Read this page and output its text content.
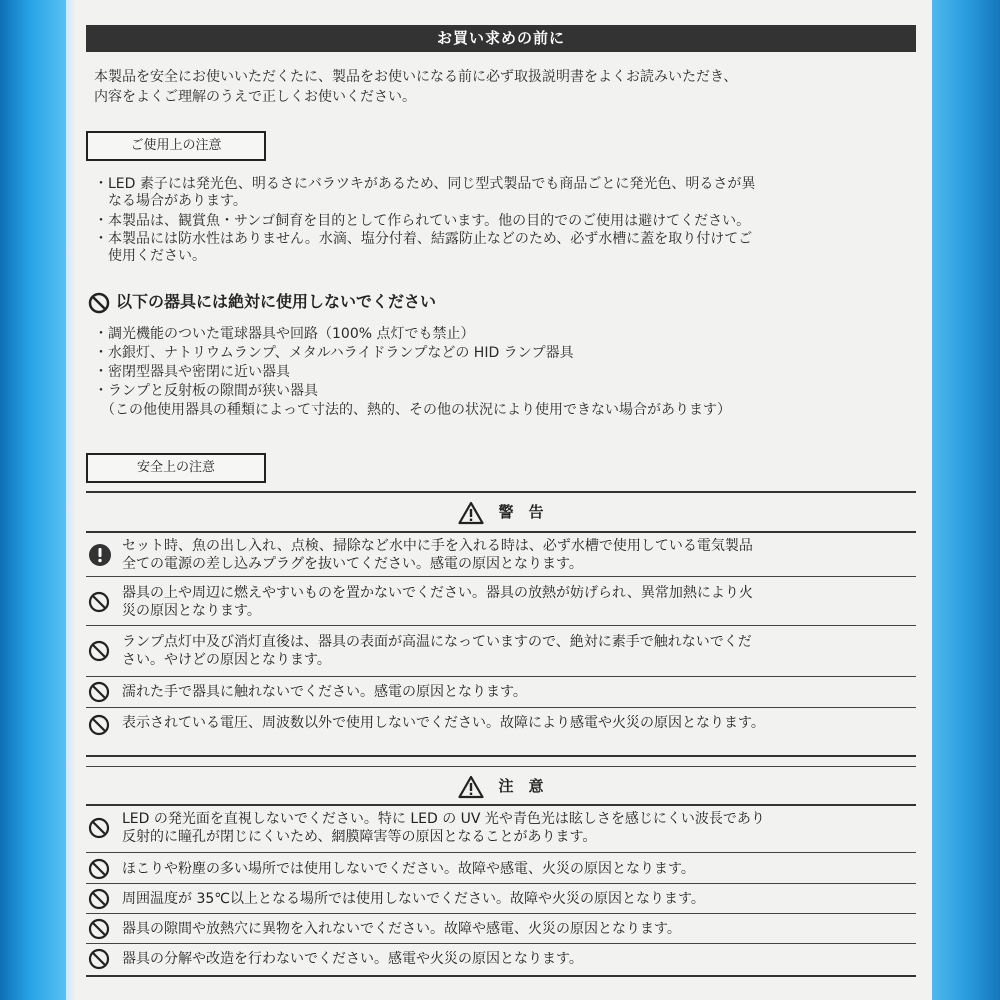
お買い求めの前に
本製品を安全にお使いいただくたに、製品をお使いになる前に必ず取扱説明書をよくお読みいただき、
内容をよくご理解のうえで正しくお使いください。
ご使用上の注意
・LED 素子には発光色、明るさにバラツキがあるため、同じ型式製品でも商品ごとに発光色、明るさが異
　なる場合があります。
・本製品は、観賞魚・サンゴ飼育を目的として作られています。他の目的でのご使用は避けてください。
・本製品には防水性はありません。水滴、塩分付着、結露防止などのため、必ず水槽に蓋を取り付けてご
　使用ください。
以下の器具には絶対に使用しないでください
・調光機能のついた電球器具や回路（100% 点灯でも禁止）
・水銀灯、ナトリウムランプ、メタルハライドランプなどの HID ランプ器具
・密閉型器具や密閉に近い器具
・ランプと反射板の隙間が狭い器具
　（この他使用器具の種類によって寸法的、熱的、その他の状況により使用できない場合があります）
安全上の注意
警　告
セット時、魚の出し入れ、点検、掃除など水中に手を入れる時は、必ず水槽で使用している電気製品
全ての電源の差し込みプラグを抜いてください。感電の原因となります。
器具の上や周辺に燃えやすいものを置かないでください。器具の放熱が妨げられ、異常加熱により火
災の原因となります。
ランプ点灯中及び消灯直後は、器具の表面が高温になっていますので、絶対に素手で触れないでくだ
さい。やけどの原因となります。
濡れた手で器具に触れないでください。感電の原因となります。
表示されている電圧、周波数以外で使用しないでください。故障により感電や火災の原因となります。
注　意
LED の発光面を直視しないでください。特に LED の UV 光や青色光は眩しさを感じにくい波長であり
反射的に瞳孔が閉じにくいため、網膜障害等の原因となることがあります。
ほこりや粉塵の多い場所では使用しないでください。故障や感電、火災の原因となります。
周囲温度が 35℃以上となる場所では使用しないでください。故障や火災の原因となります。
器具の隙間や放熱穴に異物を入れないでください。故障や感電、火災の原因となります。
器具の分解や改造を行わないでください。感電や火災の原因となります。
